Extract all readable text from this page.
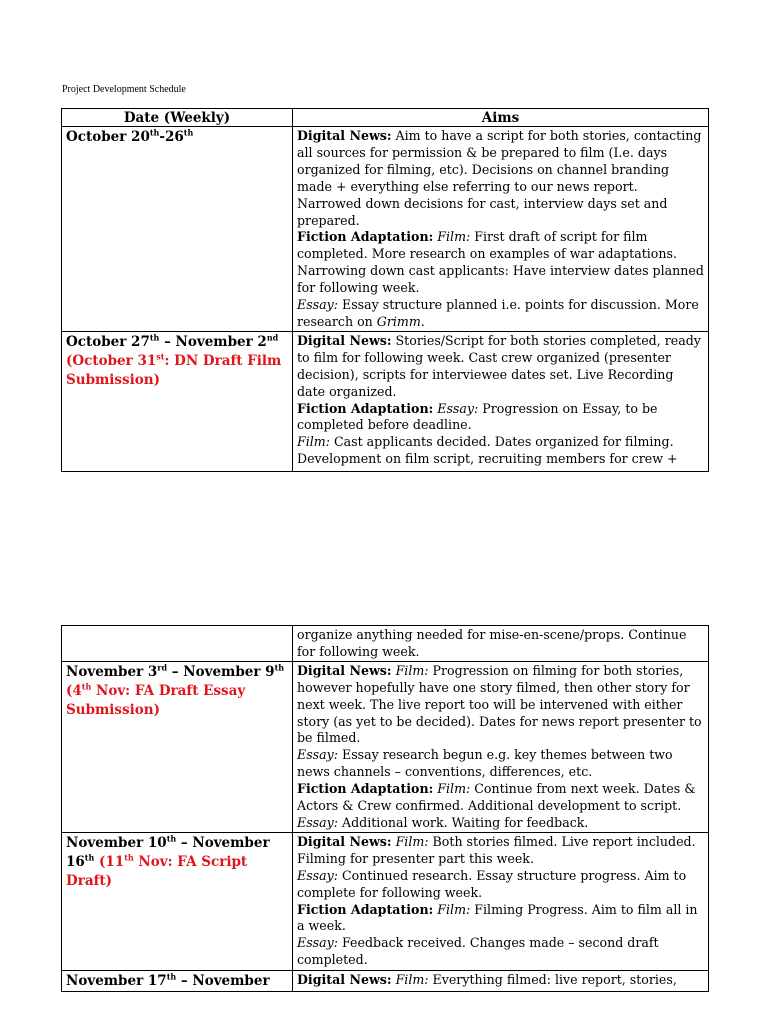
Project Development Schedule
Date (Weekly)	Aims
October 20th-26th	Digital News: Aim to have a script for both stories, contacting all sources for permission & be prepared to film (I.e. days organized for filming, etc). Decisions on channel branding made + everything else referring to our news report. Narrowed down decisions for cast, interview days set and prepared.
Fiction Adaptation: Film: First draft of script for film completed. More research on examples of war adaptations. Narrowing down cast applicants: Have interview dates planned for following week.
Essay: Essay structure planned i.e. points for discussion. More research on Grimm.
October 27th – November 2nd
(October 31st: DN Draft Film Submission)	Digital News: Stories/Script for both stories completed, ready to film for following week. Cast crew organized (presenter decision), scripts for interviewee dates set. Live Recording date organized.
Fiction Adaptation: Essay: Progression on Essay, to be completed before deadline.
Film: Cast applicants decided. Dates organized for filming. Development on film script, recruiting members for crew +
	organize anything needed for mise-en-scene/props. Continue for following week.
November 3rd – November 9th
(4th Nov: FA Draft Essay Submission)	Digital News: Film: Progression on filming for both stories, however hopefully have one story filmed, then other story for next week. The live report too will be intervened with either story (as yet to be decided). Dates for news report presenter to be filmed.
Essay: Essay research begun e.g. key themes between two news channels – conventions, differences, etc.
Fiction Adaptation: Film: Continue from next week. Dates & Actors & Crew confirmed. Additional development to script.
Essay: Additional work. Waiting for feedback.
November 10th – November 16th (11th Nov: FA Script Draft)	Digital News: Film: Both stories filmed. Live report included. Filming for presenter part this week.
Essay: Continued research. Essay structure progress. Aim to complete for following week.
Fiction Adaptation: Film: Filming Progress. Aim to film all in a week.
Essay: Feedback received. Changes made – second draft completed.
November 17th – November	Digital News: Film: Everything filmed: live report, stories,
